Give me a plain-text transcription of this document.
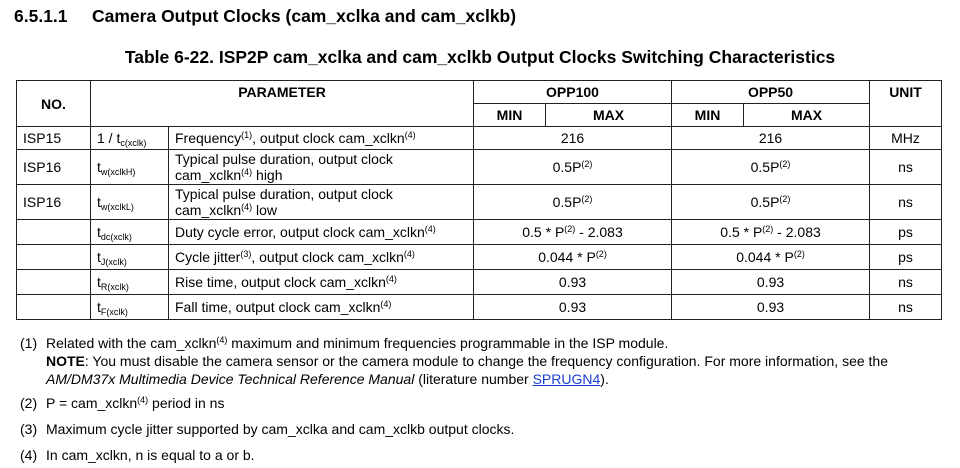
6.5.1.1 Camera Output Clocks (cam_xclka and cam_xclkb)
Table 6-22. ISP2P cam_xclka and cam_xclkb Output Clocks Switching Characteristics
NO.	PARAMETER		OPP100		OPP50		UNIT
			MIN	MAX	MIN	MAX	
ISP15	$1 / t_{c(xclk)}$	Frequency$^{(1)}$, output clock cam_xclkn$^{(4)}$	216		216		MHz
ISP16	$t_{w(xclkH)}$	Typical pulse duration, output clock cam_xclkn$^{(4)}$ high	$0.5P^{(2)}$		$0.5P^{(2)}$		ns
ISP16	$t_{w(xclkL)}$	Typical pulse duration, output clock cam_xclkn$^{(4)}$ low	$0.5P^{(2)}$		$0.5P^{(2)}$		ns
	$t_{dc(xclk)}$	Duty cycle error, output clock cam_xclkn$^{(4)}$	$0.5 * P^{(2)} - 2.083$		$0.5 * P^{(2)} - 2.083$		ps
	$t_{J(xclk)}$	Cycle jitter$^{(3)}$, output clock cam_xclkn$^{(4)}$	$0.044 * P^{(2)}$		$0.044 * P^{(2)}$		ps
	$t_{R(xclk)}$	Rise time, output clock cam_xclkn$^{(4)}$	0.93		0.93		ns
	$t_{F(xclk)}$	Fall time, output clock cam_xclkn$^{(4)}$	0.93		0.93		ns
(1) Related with the cam_xclkn$^{(4)}$ maximum and minimum frequencies programmable in the ISP module.
NOTE: You must disable the camera sensor or the camera module to change the frequency configuration. For more information, see the AM/DM37x Multimedia Device Technical Reference Manual (literature number SPRUGN4).
(2) P = cam_xclkn$^{(4)}$ period in ns
(3) Maximum cycle jitter supported by cam_xclka and cam_xclkb output clocks.
(4) In cam_xclkn, n is equal to a or b.
